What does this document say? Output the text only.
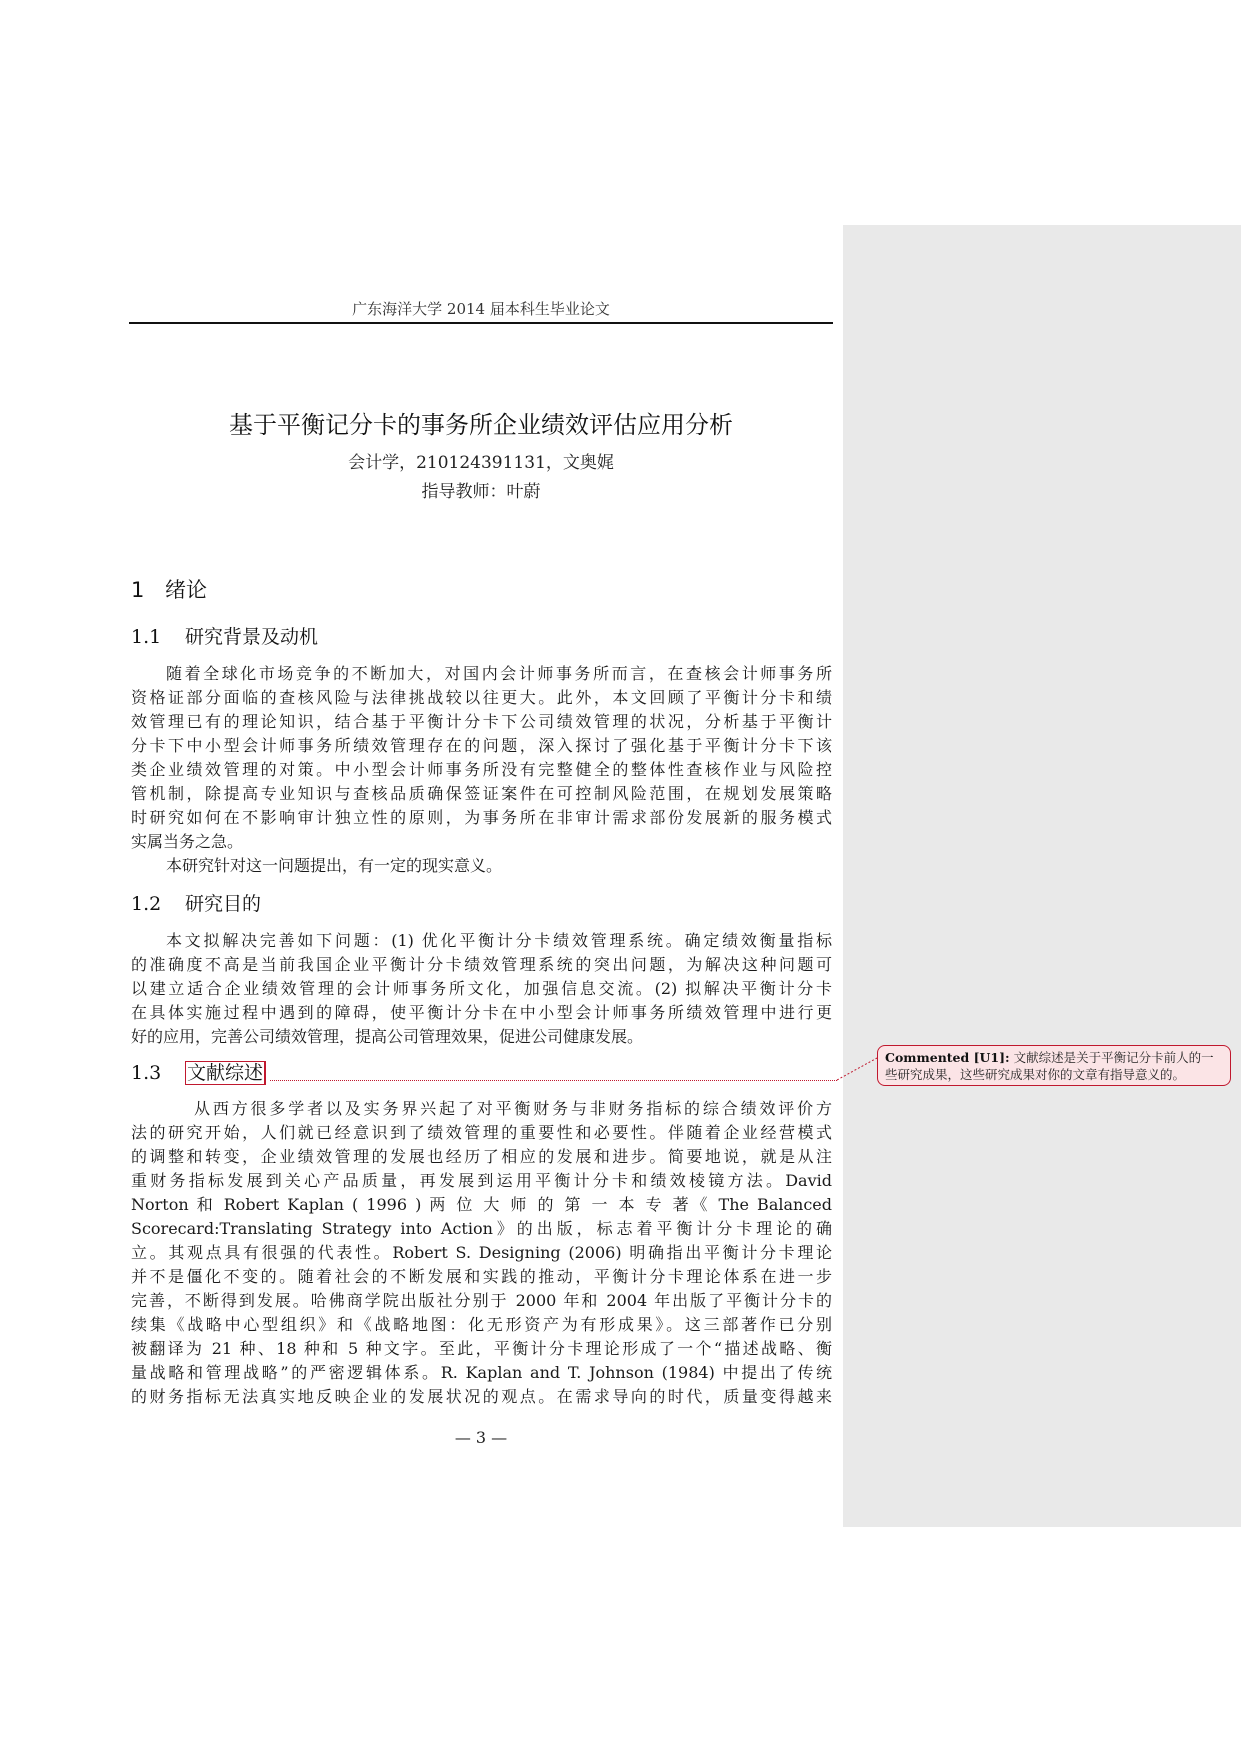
广东海洋大学 2014 届本科生毕业论文
基于平衡记分卡的事务所企业绩效评估应用分析
会计学，210124391131，文奥娓
指导教师：叶蔚
1 绪论
1.1 研究背景及动机
随着全球化市场竞争的不断加大，对国内会计师事务所而言，在查核会计师事务所
资格证部分面临的查核风险与法律挑战较以往更大。此外，本文回顾了平衡计分卡和绩
效管理已有的理论知识，结合基于平衡计分卡下公司绩效管理的状况，分析基于平衡计
分卡下中小型会计师事务所绩效管理存在的问题，深入探讨了强化基于平衡计分卡下该
类企业绩效管理的对策。中小型会计师事务所没有完整健全的整体性查核作业与风险控
管机制，除提高专业知识与查核品质确保签证案件在可控制风险范围，在规划发展策略
时研究如何在不影响审计独立性的原则，为事务所在非审计需求部份发展新的服务模式
实属当务之急。
本研究针对这一问题提出，有一定的现实意义。
1.2 研究目的
本文拟解决完善如下问题：(1) 优化平衡计分卡绩效管理系统。确定绩效衡量指标
的准确度不高是当前我国企业平衡计分卡绩效管理系统的突出问题，为解决这种问题可
以建立适合企业绩效管理的会计师事务所文化，加强信息交流。(2) 拟解决平衡计分卡
在具体实施过程中遇到的障碍，使平衡计分卡在中小型会计师事务所绩效管理中进行更
好的应用，完善公司绩效管理，提高公司管理效果，促进公司健康发展。
1.3 文献综述
从西方很多学者以及实务界兴起了对平衡财务与非财务指标的综合绩效评价方
法的研究开始，人们就已经意识到了绩效管理的重要性和必要性。伴随着企业经营模式
的调整和转变，企业绩效管理的发展也经历了相应的发展和进步。简要地说，就是从注
重财务指标发展到关心产品质量，再发展到运用平衡计分卡和绩效棱镜方法。David
Norton 和 Robert Kaplan ( 1996 ) 两 位 大 师 的 第 一 本 专 著《 The Balanced
Scorecard:Translating Strategy into Action》的出版，标志着平衡计分卡理论的确
立。其观点具有很强的代表性。Robert S. Designing (2006) 明确指出平衡计分卡理论
并不是僵化不变的。随着社会的不断发展和实践的推动，平衡计分卡理论体系在进一步
完善，不断得到发展。哈佛商学院出版社分别于 2000 年和 2004 年出版了平衡计分卡的
续集《战略中心型组织》和《战略地图：化无形资产为有形成果》。这三部著作已分别
被翻译为 21 种、18 种和 5 种文字。至此，平衡计分卡理论形成了一个“描述战略、衡
量战略和管理战略”的严密逻辑体系。R. Kaplan and T. Johnson (1984) 中提出了传统
的财务指标无法真实地反映企业的发展状况的观点。在需求导向的时代，质量变得越来
— 3 —
Commented [U1]: 文献综述是关于平衡记分卡前人的一
些研究成果，这些研究成果对你的文章有指导意义的。
